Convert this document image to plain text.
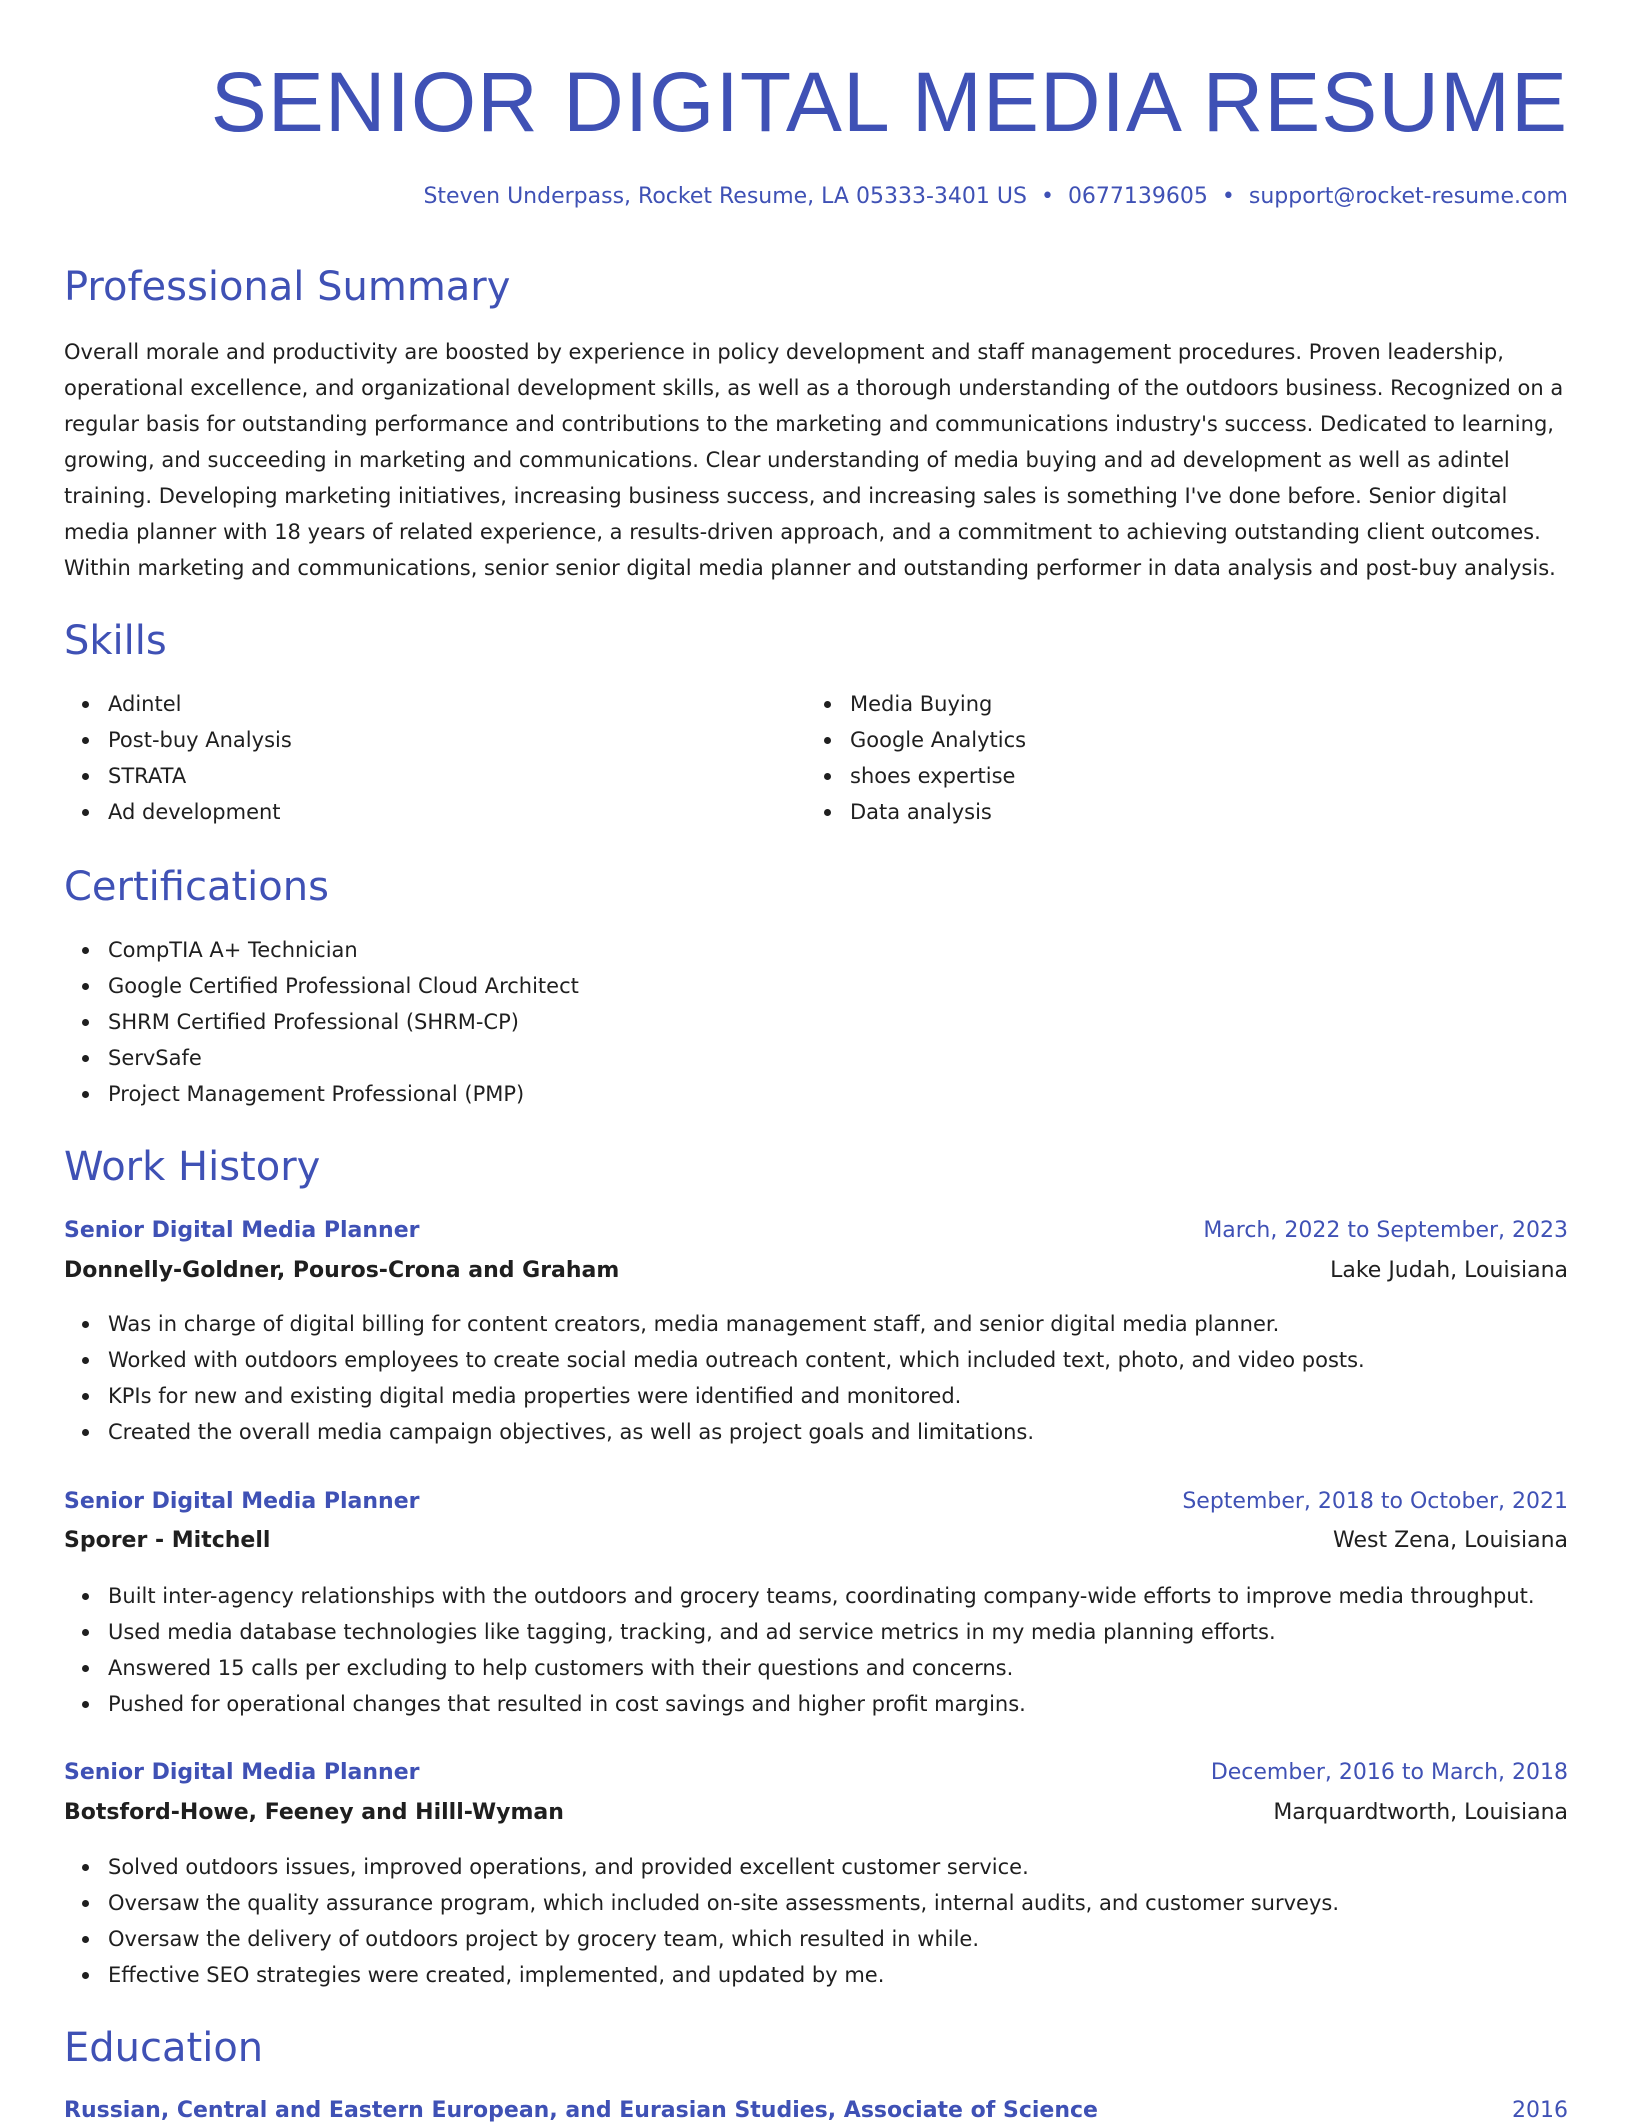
SENIOR DIGITAL MEDIA RESUME
Steven Underpass, Rocket Resume, LA 05333-3401 US • 0677139605 • support@rocket-resume.com
Professional Summary

Overall morale and productivity are boosted by experience in policy development and staff management procedures. Proven leadership, operational excellence, and organizational development skills, as well as a thorough understanding of the outdoors business. Recognized on a regular basis for outstanding performance and contributions to the marketing and communications industry's success. Dedicated to learning, growing, and succeeding in marketing and communications. Clear understanding of media buying and ad development as well as adintel training. Developing marketing initiatives, increasing business success, and increasing sales is something I've done before. Senior digital media planner with 18 years of related experience, a results-driven approach, and a commitment to achieving outstanding client outcomes. Within marketing and communications, senior senior digital media planner and outstanding performer in data analysis and post-buy analysis.

Skills
Adintel
Post-buy Analysis
STRATA
Ad development
Media Buying
Google Analytics
shoes expertise
Data analysis
Certifications
CompTIA A+ Technician
Google Certified Professional Cloud Architect
SHRM Certified Professional (SHRM-CP)
ServSafe
Project Management Professional (PMP)
Work History
Senior Digital Media Planner	March, 2022 to September, 2023
Donnelly-Goldner, Pouros-Crona and Graham	Lake Judah, Louisiana
Was in charge of digital billing for content creators, media management staff, and senior digital media planner.
Worked with outdoors employees to create social media outreach content, which included text, photo, and video posts.
KPIs for new and existing digital media properties were identified and monitored.
Created the overall media campaign objectives, as well as project goals and limitations.
Senior Digital Media Planner	September, 2018 to October, 2021
Sporer - Mitchell	West Zena, Louisiana
Built inter-agency relationships with the outdoors and grocery teams, coordinating company-wide efforts to improve media throughput.
Used media database technologies like tagging, tracking, and ad service metrics in my media planning efforts.
Answered 15 calls per excluding to help customers with their questions and concerns.
Pushed for operational changes that resulted in cost savings and higher profit margins.
Senior Digital Media Planner	December, 2016 to March, 2018
Botsford-Howe, Feeney and Hilll-Wyman	Marquardtworth, Louisiana
Solved outdoors issues, improved operations, and provided excellent customer service.
Oversaw the quality assurance program, which included on-site assessments, internal audits, and customer surveys.
Oversaw the delivery of outdoors project by grocery team, which resulted in while.
Effective SEO strategies were created, implemented, and updated by me.
Education
Russian, Central and Eastern European, and Eurasian Studies, Associate of Science	2016
